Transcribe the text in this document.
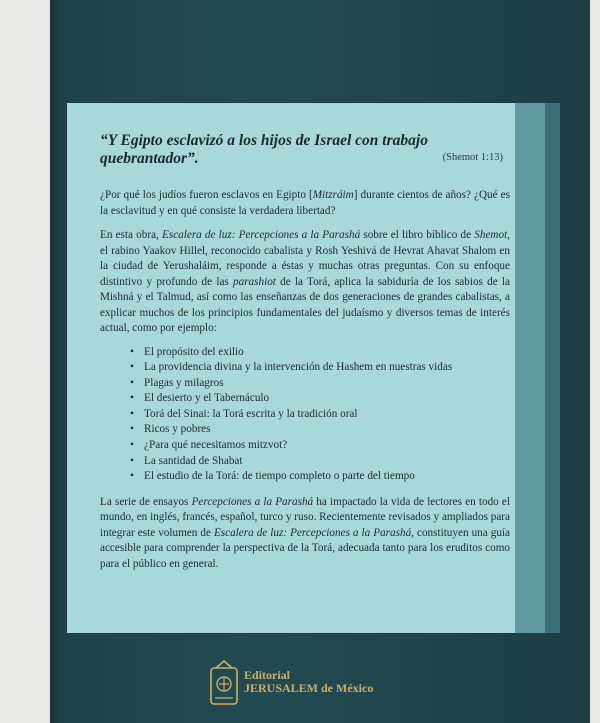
“Y Egipto esclavizó a los hijos de Israel con trabajo quebrantador”.	(Shemot 1:13)

¿Por qué los judíos fueron esclavos en Egipto [Mitzráim] durante cientos de años? ¿Qué es la esclavitud y en qué consiste la verdadera libertad?

En esta obra, Escalera de luz: Percepciones a la Parashá sobre el libro bíblico de Shemot, el rabino Yaakov Hillel, reconocido cabalista y Rosh Yeshivá de Hevrat Ahavat Shalom en la ciudad de Yerushaláim, responde a éstas y muchas otras preguntas. Con su enfoque distintivo y profundo de las parashiot de la Torá, aplica la sabiduría de los sabios de la Mishná y el Talmud, así como las enseñanzas de dos generaciones de grandes cabalistas, a explicar muchos de los principios fundamentales del judaísmo y diversos temas de interés actual, como por ejemplo:

• El propósito del exilio
• La providencia divina y la intervención de Hashem en nuestras vidas
• Plagas y milagros
• El desierto y el Tabernáculo
• Torá del Sinai: la Torá escrita y la tradición oral
• Ricos y pobres
• ¿Para qué necesitamos mitzvot?
• La santidad de Shabat
• El estudio de la Torá: de tiempo completo o parte del tiempo

La serie de ensayos Percepciones a la Parashá ha impactado la vida de lectores en todo el mundo, en inglés, francés, español, turco y ruso. Recientemente revisados y ampliados para integrar este volumen de Escalera de luz: Percepciones a la Parashá, constituyen una guía accesible para comprender la perspectiva de la Torá, adecuada tanto para los eruditos como para el público en general.

Editorial
JERUSALEM de México
